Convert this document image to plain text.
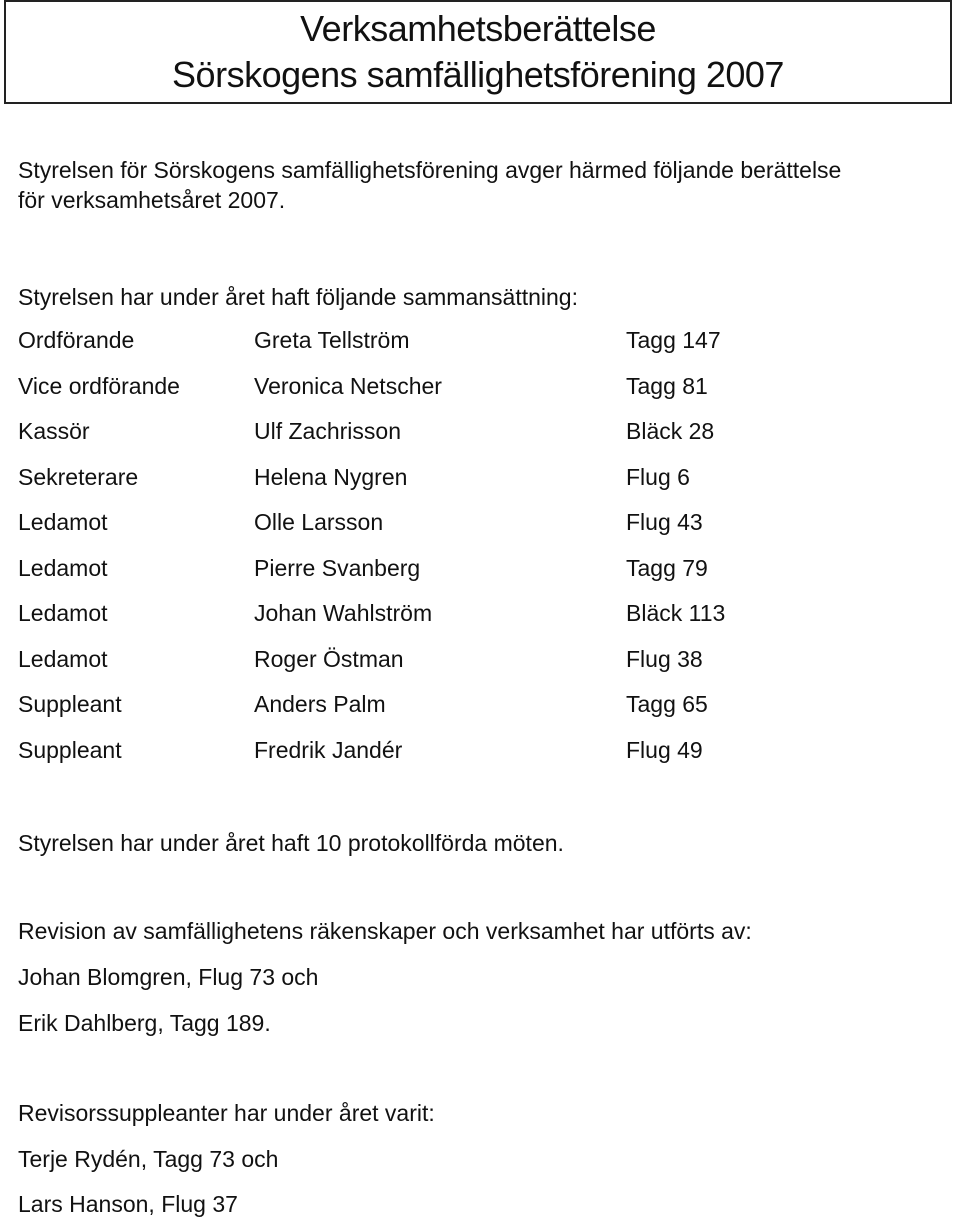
Verksamhetsberättelse
Sörskogens samfällighetsförening 2007
Styrelsen för Sörskogens samfällighetsförening avger härmed följande berättelse
för verksamhetsåret 2007.
Styrelsen har under året haft följande sammansättning:
Ordförande	Greta Tellström	Tagg 147
Vice ordförande	Veronica Netscher	Tagg 81
Kassör	Ulf Zachrisson	Bläck 28
Sekreterare	Helena Nygren	Flug 6
Ledamot	Olle Larsson	Flug 43
Ledamot	Pierre Svanberg	Tagg 79
Ledamot	Johan Wahlström	Bläck 113
Ledamot	Roger Östman	Flug 38
Suppleant	Anders Palm	Tagg 65
Suppleant	Fredrik Jandér	Flug 49
Styrelsen har under året haft 10 protokollförda möten.
Revision av samfällighetens räkenskaper och verksamhet har utförts av:
Johan Blomgren, Flug 73 och
Erik Dahlberg, Tagg 189.
Revisorssuppleanter har under året varit:
Terje Rydén, Tagg 73 och
Lars Hanson, Flug 37
